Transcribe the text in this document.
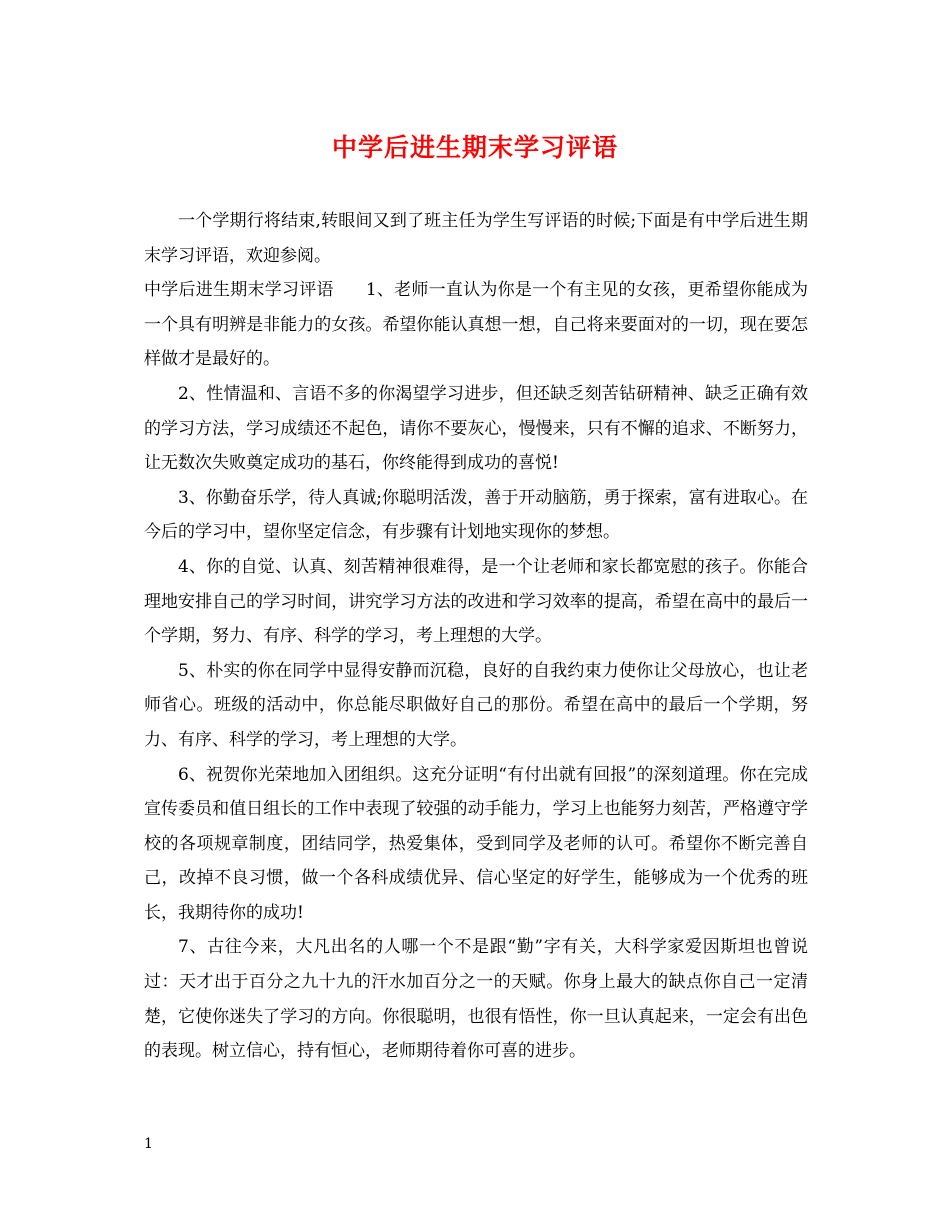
中学后进生期末学习评语

一个学期行将结束,转眼间又到了班主任为学生写评语的时候;下面是有中学后进生期末学习评语，欢迎参阅。

中学后进生期末学习评语 1、老师一直认为你是一个有主见的女孩，更希望你能成为一个具有明辨是非能力的女孩。希望你能认真想一想，自己将来要面对的一切，现在要怎样做才是最好的。

2、性情温和、言语不多的你渴望学习进步，但还缺乏刻苦钻研精神、缺乏正确有效的学习方法，学习成绩还不起色，请你不要灰心，慢慢来，只有不懈的追求、不断努力，让无数次失败奠定成功的基石，你终能得到成功的喜悦!

3、你勤奋乐学，待人真诚;你聪明活泼，善于开动脑筋，勇于探索，富有进取心。在今后的学习中，望你坚定信念，有步骤有计划地实现你的梦想。

4、你的自觉、认真、刻苦精神很难得，是一个让老师和家长都宽慰的孩子。你能合理地安排自己的学习时间，讲究学习方法的改进和学习效率的提高，希望在高中的最后一个学期，努力、有序、科学的学习，考上理想的大学。

5、朴实的你在同学中显得安静而沉稳，良好的自我约束力使你让父母放心，也让老师省心。班级的活动中，你总能尽职做好自己的那份。希望在高中的最后一个学期，努力、有序、科学的学习，考上理想的大学。

6、祝贺你光荣地加入团组织。这充分证明“有付出就有回报”的深刻道理。你在完成宣传委员和值日组长的工作中表现了较强的动手能力，学习上也能努力刻苦，严格遵守学校的各项规章制度，团结同学，热爱集体，受到同学及老师的认可。希望你不断完善自己，改掉不良习惯，做一个各科成绩优异、信心坚定的好学生，能够成为一个优秀的班长，我期待你的成功!

7、古往今来，大凡出名的人哪一个不是跟“勤”字有关，大科学家爱因斯坦也曾说过：天才出于百分之九十九的汗水加百分之一的天赋。你身上最大的缺点你自己一定清楚，它使你迷失了学习的方向。你很聪明，也很有悟性，你一旦认真起来，一定会有出色的表现。树立信心，持有恒心，老师期待着你可喜的进步。

1
